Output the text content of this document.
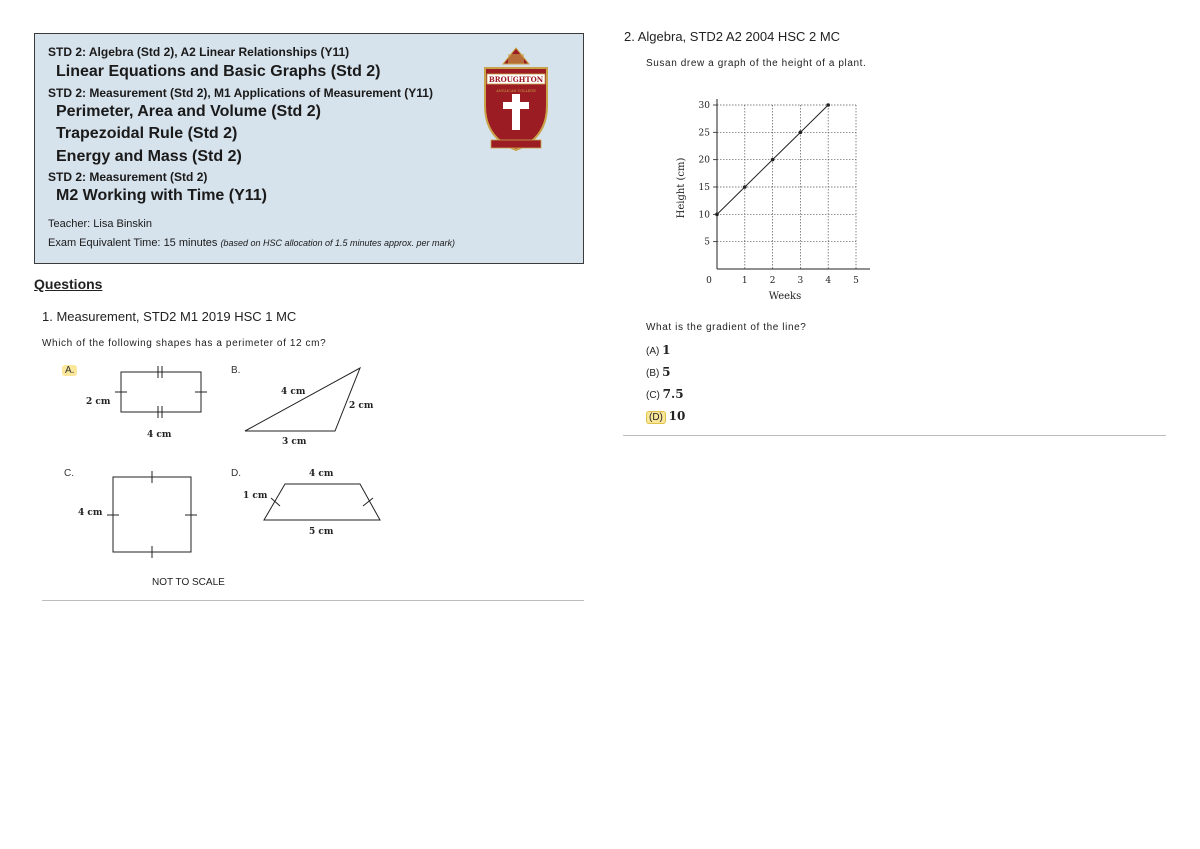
STD 2: Algebra (Std 2), A2 Linear Relationships (Y11)
Linear Equations and Basic Graphs (Std 2)
STD 2: Measurement (Std 2), M1 Applications of Measurement (Y11)
Perimeter, Area and Volume (Std 2)
Trapezoidal Rule (Std 2)
Energy and Mass (Std 2)
STD 2: Measurement (Std 2)
M2 Working with Time (Y11)
Teacher: Lisa Binskin
Exam Equivalent Time: 15 minutes (based on HSC allocation of 1.5 minutes approx. per mark)
BROUGHTON
ANGLICAN COLLEGE
Questions
1. Measurement, STD2 M1 2019 HSC 1 MC
Which of the following shapes has a perimeter of 12 cm?
A.	B.
C.	D.
2 cm
4 cm
4 cm
2 cm
3 cm
4 cm
4 cm
1 cm
5 cm
NOT TO SCALE
2. Algebra, STD2 A2 2004 HSC 2 MC
Susan drew a graph of the height of a plant.
5
10
15
20
25
30
0	1 2 3 4 5
Weeks
Height (cm)
What is the gradient of the line?
(A) 1
(B) 5
(C) 7.5
(D) 10
